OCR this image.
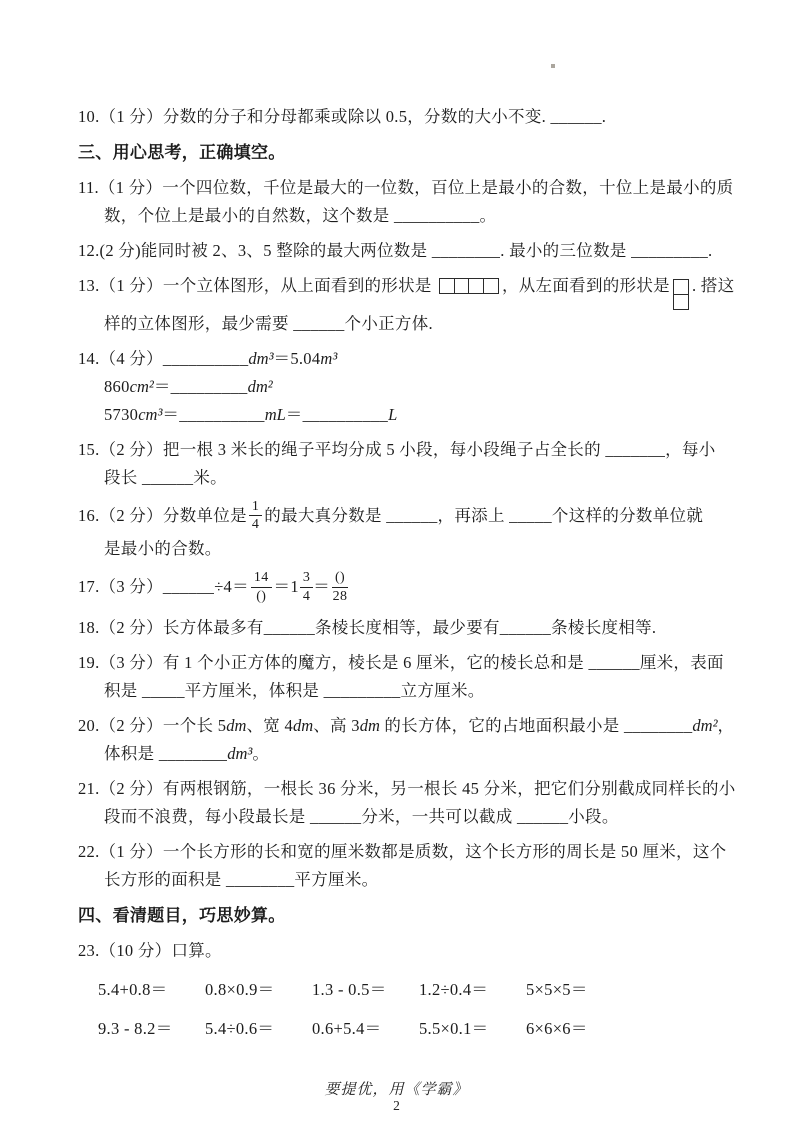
10.（1 分）分数的分子和分母都乘或除以 0.5，分数的大小不变. ______.
三、用心思考，正确填空。
11.（1 分）一个四位数，千位是最大的一位数，百位上是最小的合数，十位上是最小的质
数，个位上是最小的自然数，这个数是 __________。
12.(2 分)能同时被 2、3、5 整除的最大两位数是 ________. 最小的三位数是 _________.
13.（1 分）一个立体图形，从上面看到的形状是	，从左面看到的形状是 . 搭这
样的立体图形，最少需要 ______个小正方体.
14.（4 分）__________dm³＝5.04m³
860cm²＝_________dm²
5730cm³＝__________mL＝__________L
15.（2 分）把一根 3 米长的绳子平均分成 5 小段，每小段绳子占全长的 _______，每小
段长 ______米。
16.（2 分）分数单位是 $\frac{1}{4}$ 的最大真分数是 ______，再添上 _____个这样的分数单位就
是最小的合数。
17.（3 分）______÷4＝ $\frac{14}{()} = 1 \frac{3}{4} = \frac{()}{28}$
18.（2 分）长方体最多有______条棱长度相等，最少要有______条棱长度相等.
19.（3 分）有 1 个小正方体的魔方，棱长是 6 厘米，它的棱长总和是 ______厘米，表面
积是 _____平方厘米，体积是 _________立方厘米。
20.（2 分）一个长 5dm、宽 4dm、高 3dm 的长方体，它的占地面积最小是 ________dm²，
体积是 ________dm³。
21.（2 分）有两根钢筋，一根长 36 分米，另一根长 45 分米，把它们分别截成同样长的小
段而不浪费，每小段最长是 ______分米，一共可以截成 ______小段。
22.（1 分）一个长方形的长和宽的厘米数都是质数，这个长方形的周长是 50 厘米，这个
长方形的面积是 ________平方厘米。
四、看清题目，巧思妙算。
23.（10 分）口算。
5.4+0.8＝ 0.8×0.9＝ 1.3 - 0.5＝ 1.2÷0.4＝ 5×5×5＝
9.3 - 8.2＝ 5.4÷0.6＝ 0.6+5.4＝ 5.5×0.1＝ 6×6×6＝
要提优，用《学霸》
2
